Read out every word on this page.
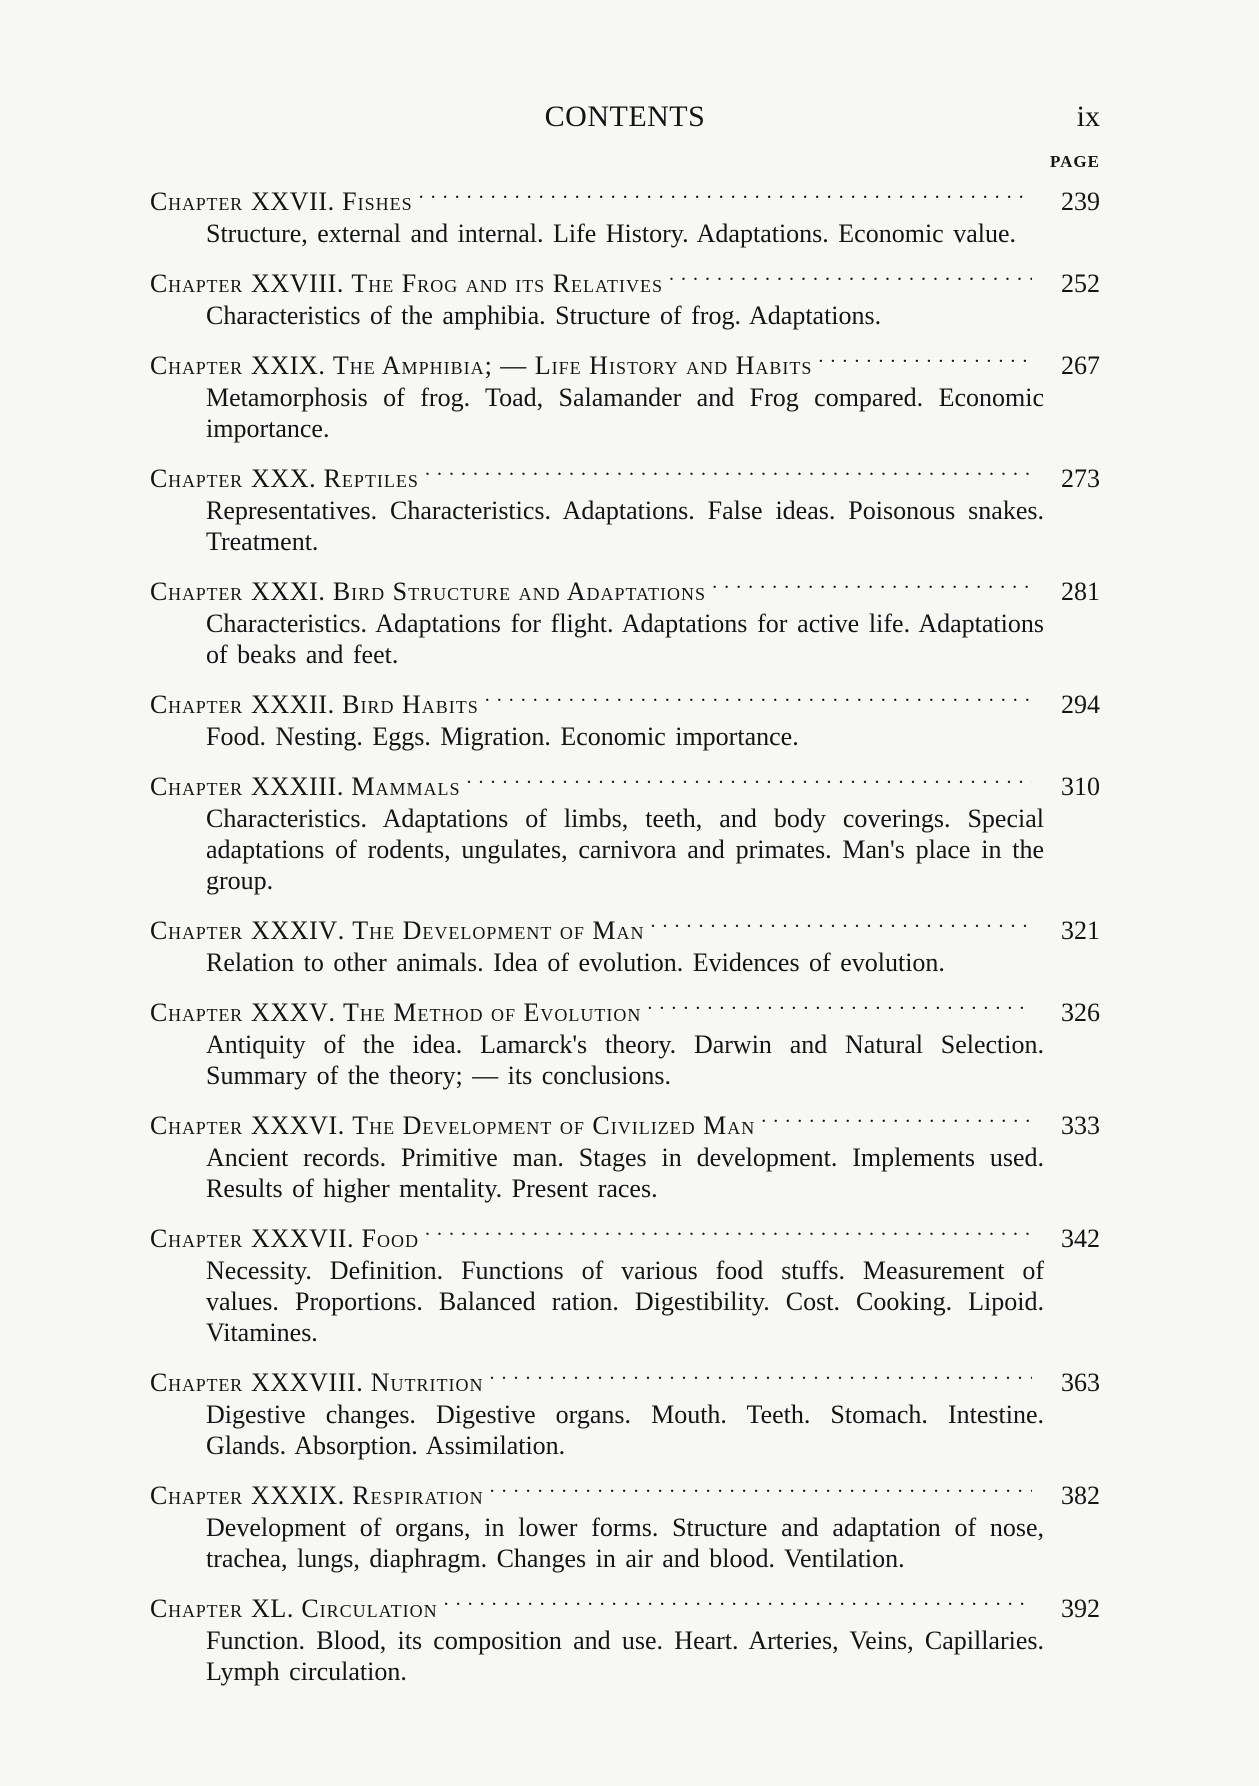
CONTENTS	ix
PAGE
Chapter XXVII . Fishes . . .	239
Structure, external and internal. Life History. Adaptations. Economic value.
Chapter XXVIII . The Frog and its Relatives . . .	252
Characteristics of the amphibia. Structure of frog. Adaptations.
Chapter XXIX . The Amphibia; — Life History and Habits . . .	267
Metamorphosis of frog. Toad, Salamander and Frog compared. Economic importance.
Chapter XXX . Reptiles . . .	273
Representatives. Characteristics. Adaptations. False ideas. Poisonous snakes. Treatment.
Chapter XXXI . Bird Structure and Adaptations . . .	281
Characteristics. Adaptations for flight. Adaptations for active life. Adaptations of beaks and feet.
Chapter XXXII . Bird Habits . . .	294
Food. Nesting. Eggs. Migration. Economic importance.
Chapter XXXIII . Mammals . . .	310
Characteristics. Adaptations of limbs, teeth, and body coverings. Special adaptations of rodents, ungulates, carnivora and primates. Man's place in the group.
Chapter XXXIV . The Development of Man . . .	321
Relation to other animals. Idea of evolution. Evidences of evolution.
Chapter XXXV . The Method of Evolution . . .	326
Antiquity of the idea. Lamarck's theory. Darwin and Natural Selection. Summary of the theory; — its conclusions.
Chapter XXXVI . The Development of Civilized Man . . .	333
Ancient records. Primitive man. Stages in development. Implements used. Results of higher mentality. Present races.
Chapter XXXVII . Food . . .	342
Necessity. Definition. Functions of various food stuffs. Measurement of values. Proportions. Balanced ration. Digestibility. Cost. Cooking. Lipoid. Vitamines.
Chapter XXXVIII . Nutrition . . .	363
Digestive changes. Digestive organs. Mouth. Teeth. Stomach. Intestine. Glands. Absorption. Assimilation.
Chapter XXXIX . Respiration . . .	382
Development of organs, in lower forms. Structure and adaptation of nose, trachea, lungs, diaphragm. Changes in air and blood. Ventilation.
Chapter XL . Circulation . . .	392
Function. Blood, its composition and use. Heart. Arteries, Veins, Capillaries. Lymph circulation.
